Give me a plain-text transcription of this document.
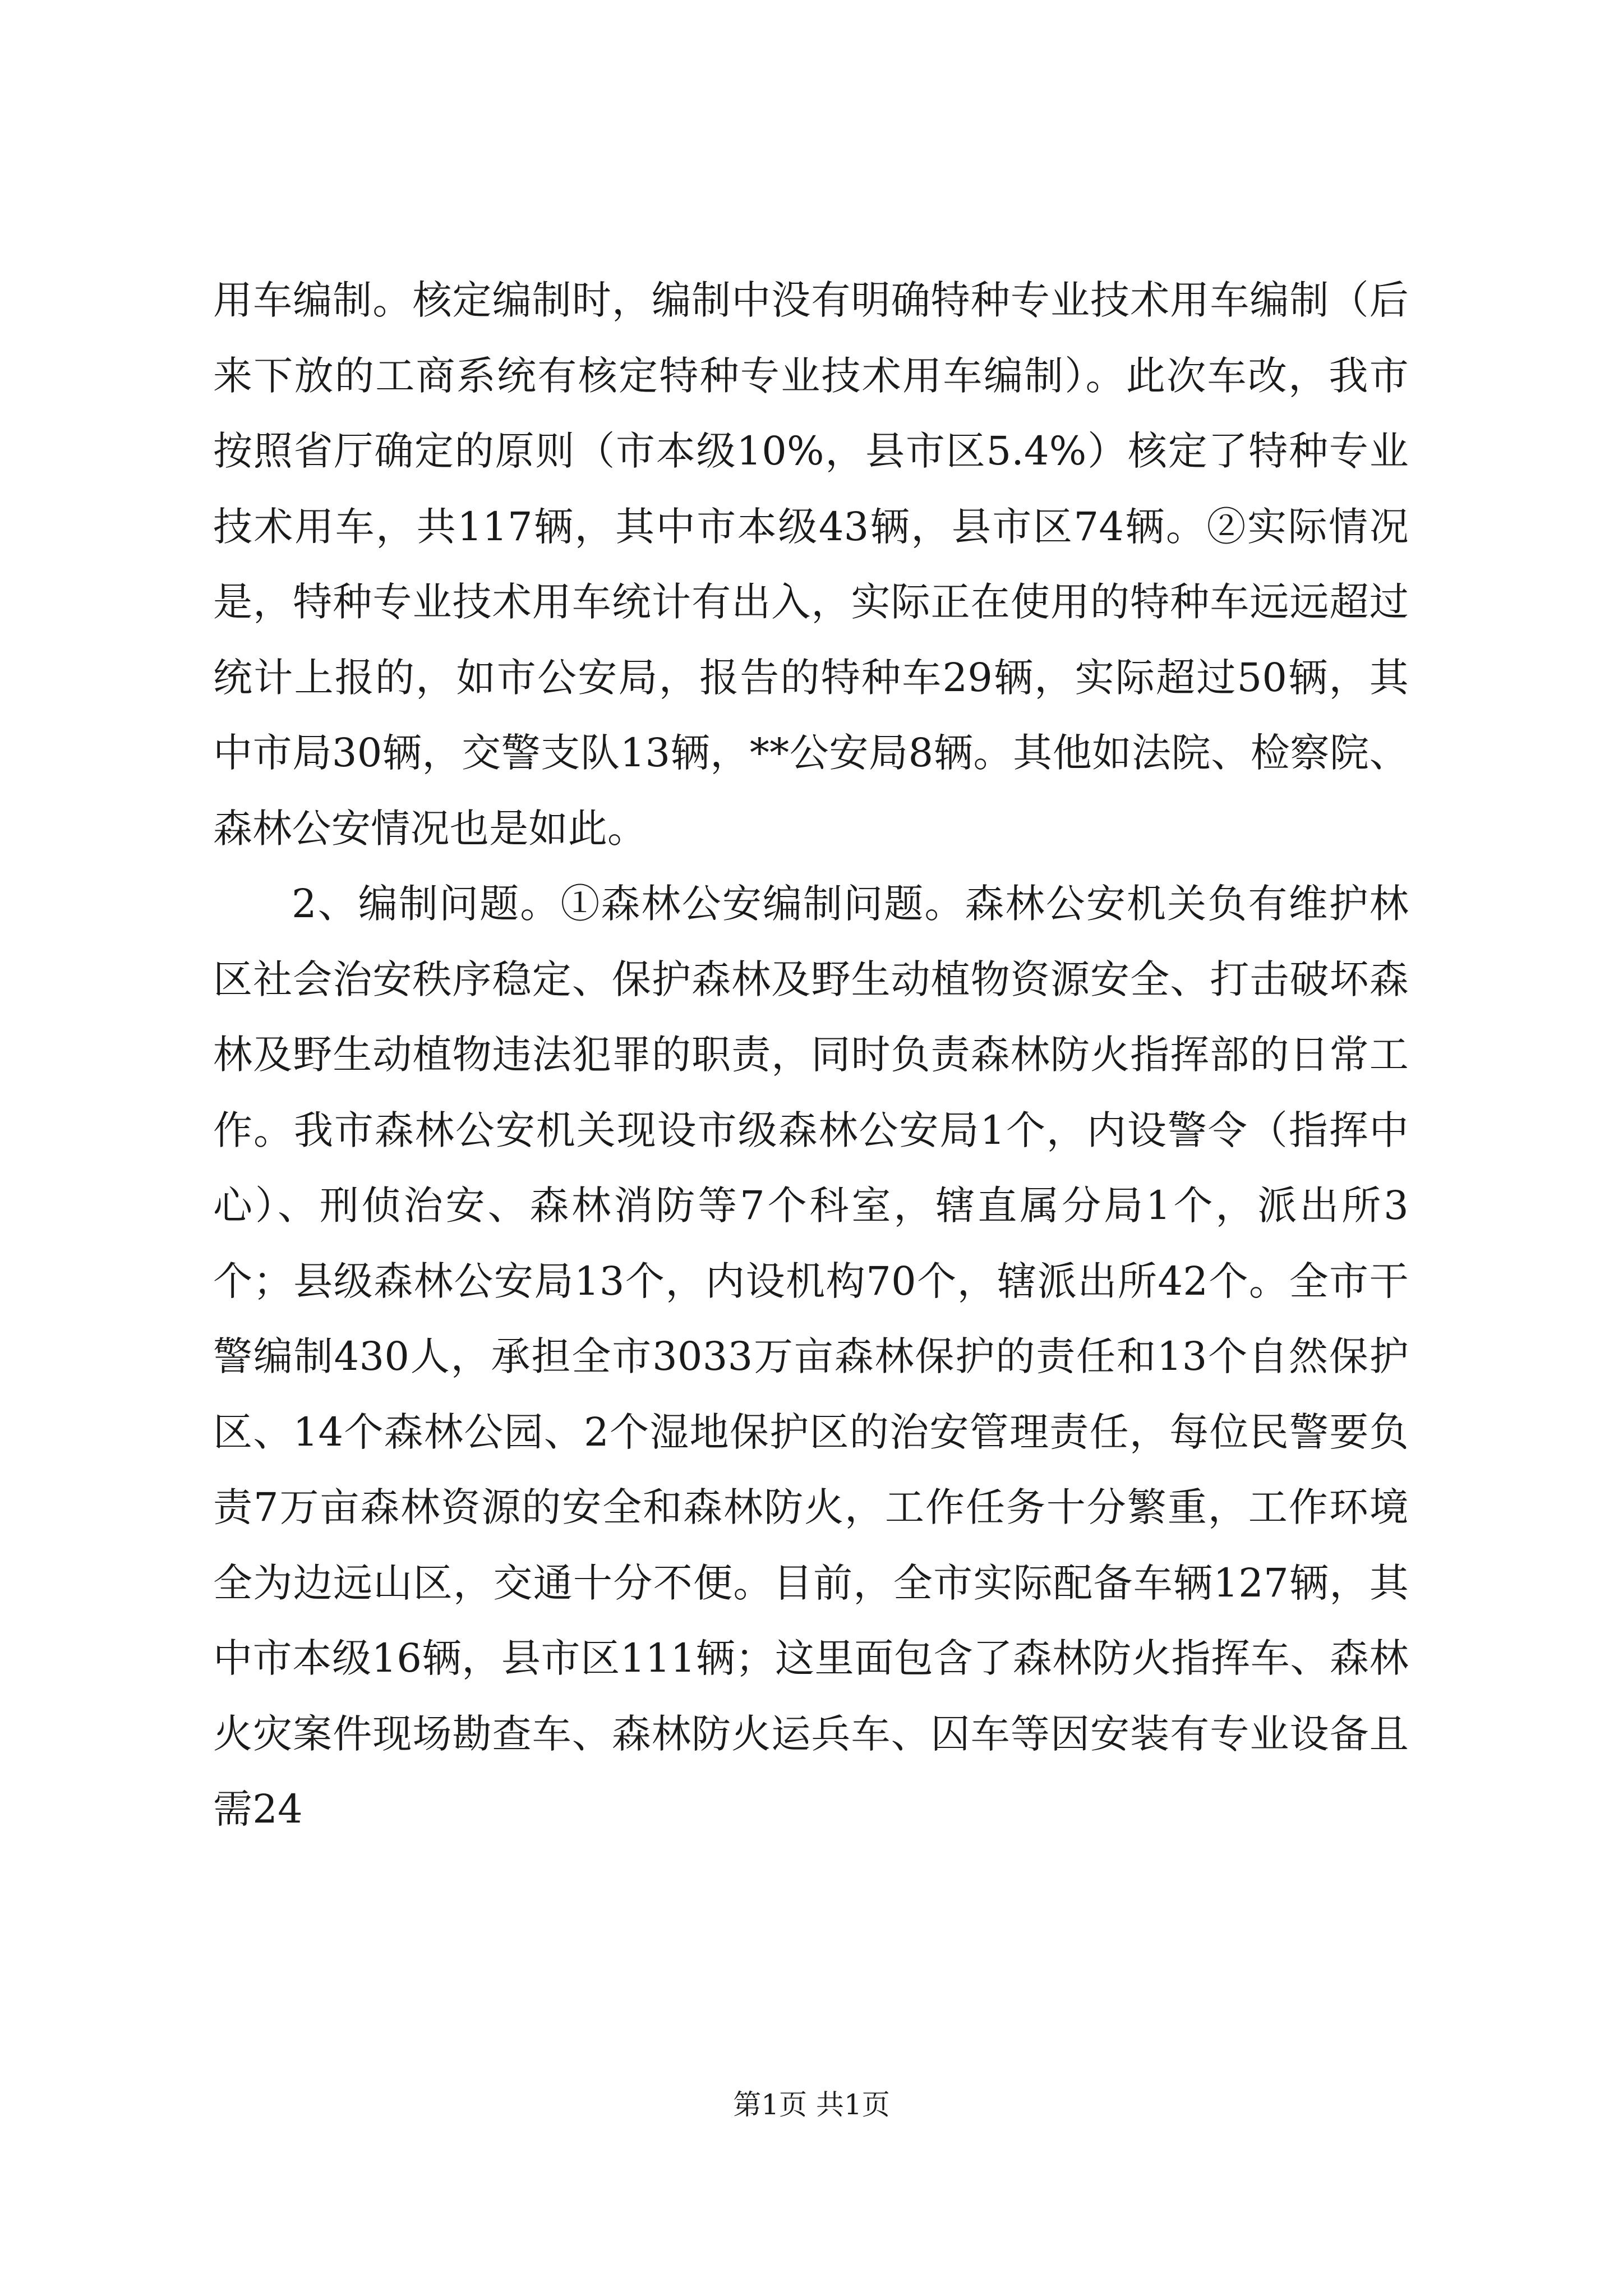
用车编制。核定编制时，编制中没有明确特种专业技术用车编制（后来下放的工商系统有核定特种专业技术用车编制）。此次车改，我市按照省厅确定的原则（市本级10%，县市区5.4%）核定了特种专业技术用车，共117辆，其中市本级43辆，县市区74辆。②实际情况是，特种专业技术用车统计有出入，实际正在使用的特种车远远超过统计上报的，如市公安局，报告的特种车29辆，实际超过50辆，其中市局30辆，交警支队13辆，**公安局8辆。其他如法院、检察院、森林公安情况也是如此。

2、编制问题。①森林公安编制问题。森林公安机关负有维护林区社会治安秩序稳定、保护森林及野生动植物资源安全、打击破坏森林及野生动植物违法犯罪的职责，同时负责森林防火指挥部的日常工作。我市森林公安机关现设市级森林公安局1个，内设警令（指挥中心）、刑侦治安、森林消防等7个科室，辖直属分局1个，派出所3个；县级森林公安局13个，内设机构70个，辖派出所42个。全市干警编制430人，承担全市3033万亩森林保护的责任和13个自然保护区、14个森林公园、2个湿地保护区的治安管理责任，每位民警要负责7万亩森林资源的安全和森林防火，工作任务十分繁重，工作环境全为边远山区，交通十分不便。目前，全市实际配备车辆127辆，其中市本级16辆，县市区111辆；这里面包含了森林防火指挥车、森林火灾案件现场勘查车、森林防火运兵车、囚车等因安装有专业设备且需24

第1页 共1页
